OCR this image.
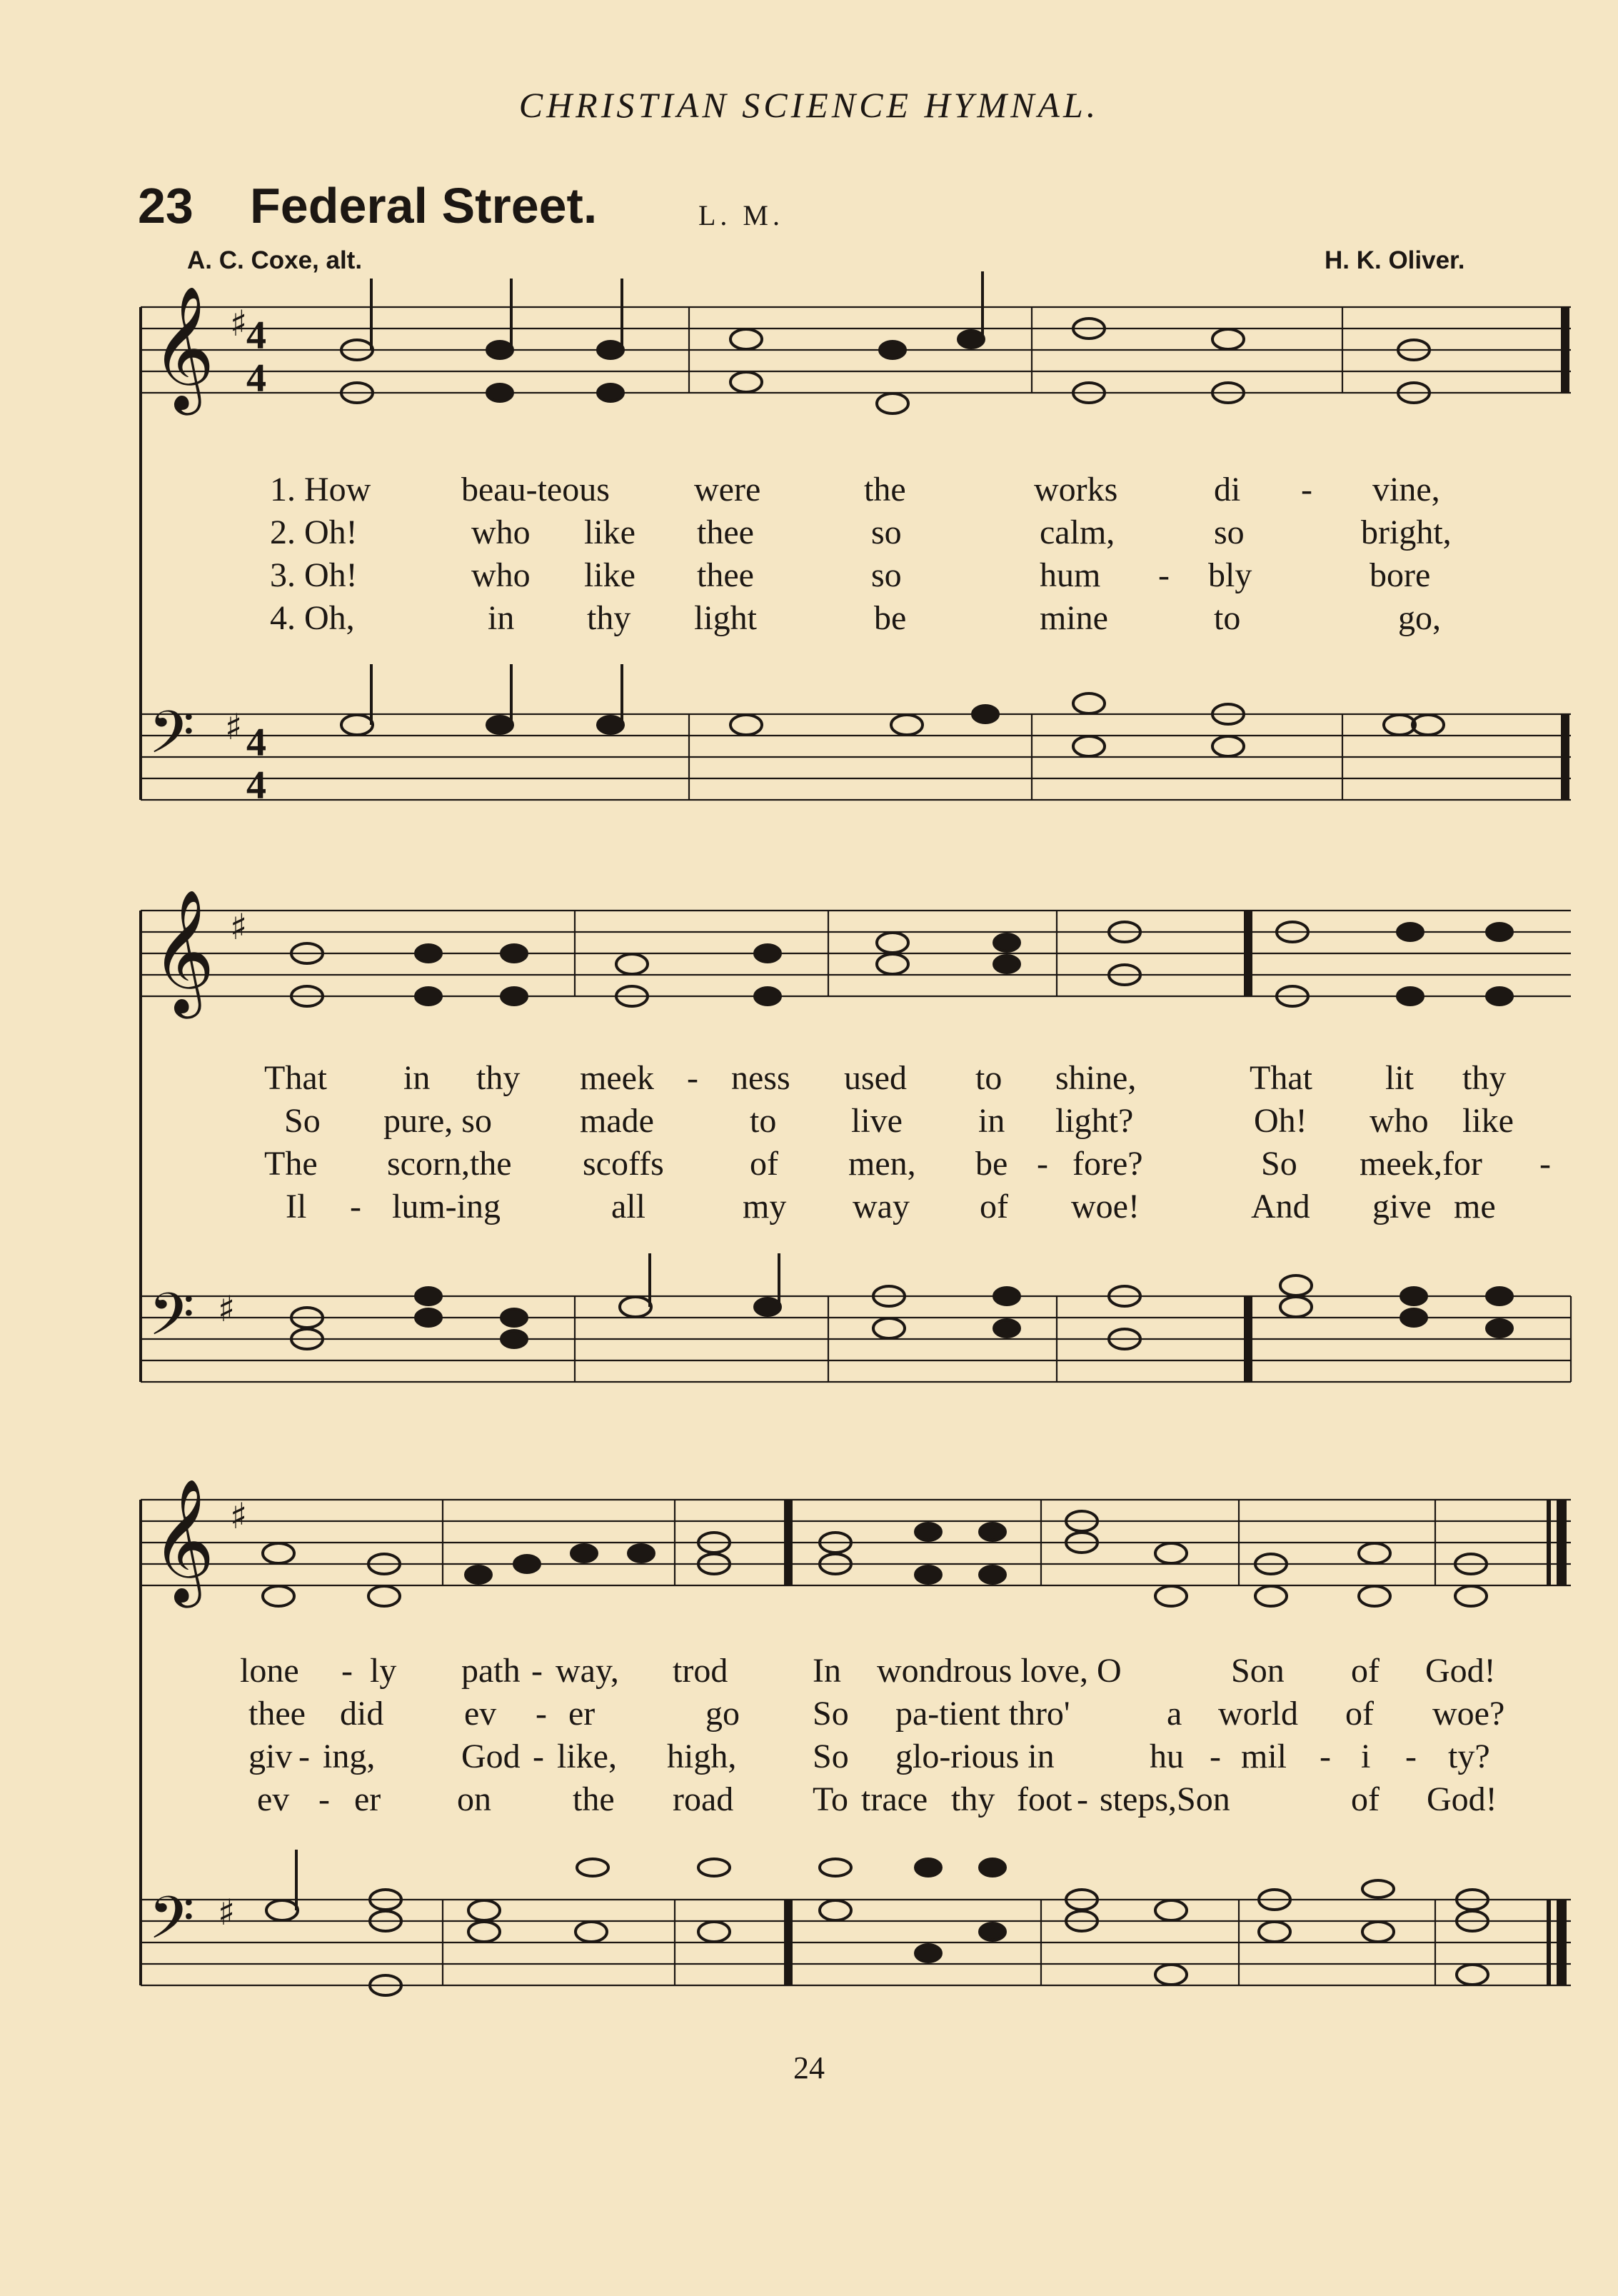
CHRISTIAN SCIENCE HYMNAL.
23 Federal Street.	L. M.
A. C. Coxe, alt.	H. K. Oliver.
𝄞 ♯
4
4
𝄢 ♯ 4
4
1. How	beau-teous were	the	works	di - vine,
2. Oh!	who like thee	so	calm,	so	bright,
3. Oh!	who like thee	so	hum - bly	bore
4. Oh,	in thy light	be	mine	to	go,
𝄞 ♯
𝄢 ♯
That in thy meek - ness used to shine,	That lit thy
So pure, so	made	to live in light?	Oh! who like
The scorn,the scoffs	of men, be - fore?	So meek,for -
Il - lum-ing	all	my way of woe!	And give me
𝄞 ♯
𝄢 ♯
lone - ly path - way, trod In wondrous love, O	Son of God!
thee did ev - er	go So pa-tient thro'	a world of woe?
giv - ing,	God - like, high, So glo-rious in	hu - mil - i - ty?
ev - er on the road To trace thy foot - steps,Son	of God!
24
